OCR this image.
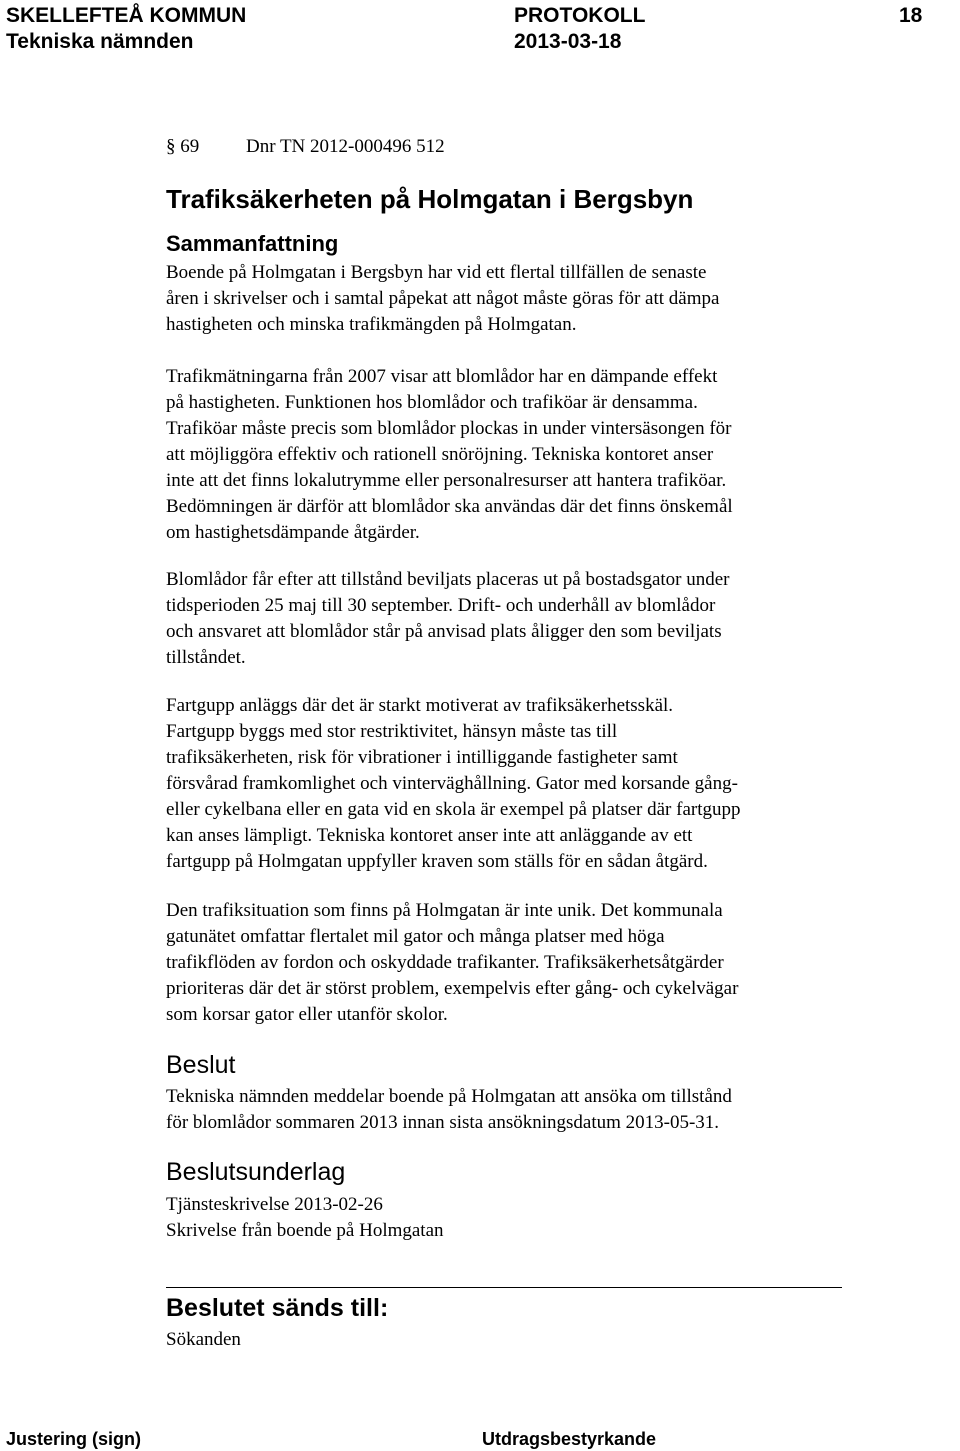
SKELLEFTEÅ KOMMUN	PROTOKOLL	18
Tekniska nämnden	2013-03-18
§ 69 Dnr TN 2012-000496 512
Trafiksäkerheten på Holmgatan i Bergsbyn
Sammanfattning
Boende på Holmgatan i Bergsbyn har vid ett flertal tillfällen de senaste
åren i skrivelser och i samtal påpekat att något måste göras för att dämpa
hastigheten och minska trafikmängden på Holmgatan.
Trafikmätningarna från 2007 visar att blomlådor har en dämpande effekt
på hastigheten. Funktionen hos blomlådor och trafiköar är densamma.
Trafiköar måste precis som blomlådor plockas in under vintersäsongen för
att möjliggöra effektiv och rationell snöröjning. Tekniska kontoret anser
inte att det finns lokalutrymme eller personalresurser att hantera trafiköar.
Bedömningen är därför att blomlådor ska användas där det finns önskemål
om hastighetsdämpande åtgärder.
Blomlådor får efter att tillstånd beviljats placeras ut på bostadsgator under
tidsperioden 25 maj till 30 september. Drift- och underhåll av blomlådor
och ansvaret att blomlådor står på anvisad plats åligger den som beviljats
tillståndet.
Fartgupp anläggs där det är starkt motiverat av trafiksäkerhetsskäl.
Fartgupp byggs med stor restriktivitet, hänsyn måste tas till
trafiksäkerheten, risk för vibrationer i intilliggande fastigheter samt
försvårad framkomlighet och vinterväghållning. Gator med korsande gång-
eller cykelbana eller en gata vid en skola är exempel på platser där fartgupp
kan anses lämpligt. Tekniska kontoret anser inte att anläggande av ett
fartgupp på Holmgatan uppfyller kraven som ställs för en sådan åtgärd.
Den trafiksituation som finns på Holmgatan är inte unik. Det kommunala
gatunätet omfattar flertalet mil gator och många platser med höga
trafikflöden av fordon och oskyddade trafikanter. Trafiksäkerhetsåtgärder
prioriteras där det är störst problem, exempelvis efter gång- och cykelvägar
som korsar gator eller utanför skolor.
Beslut
Tekniska nämnden meddelar boende på Holmgatan att ansöka om tillstånd
för blomlådor sommaren 2013 innan sista ansökningsdatum 2013-05-31.
Beslutsunderlag
Tjänsteskrivelse 2013-02-26
Skrivelse från boende på Holmgatan
Beslutet sänds till:
Sökanden
Justering (sign)	Utdragsbestyrkande
